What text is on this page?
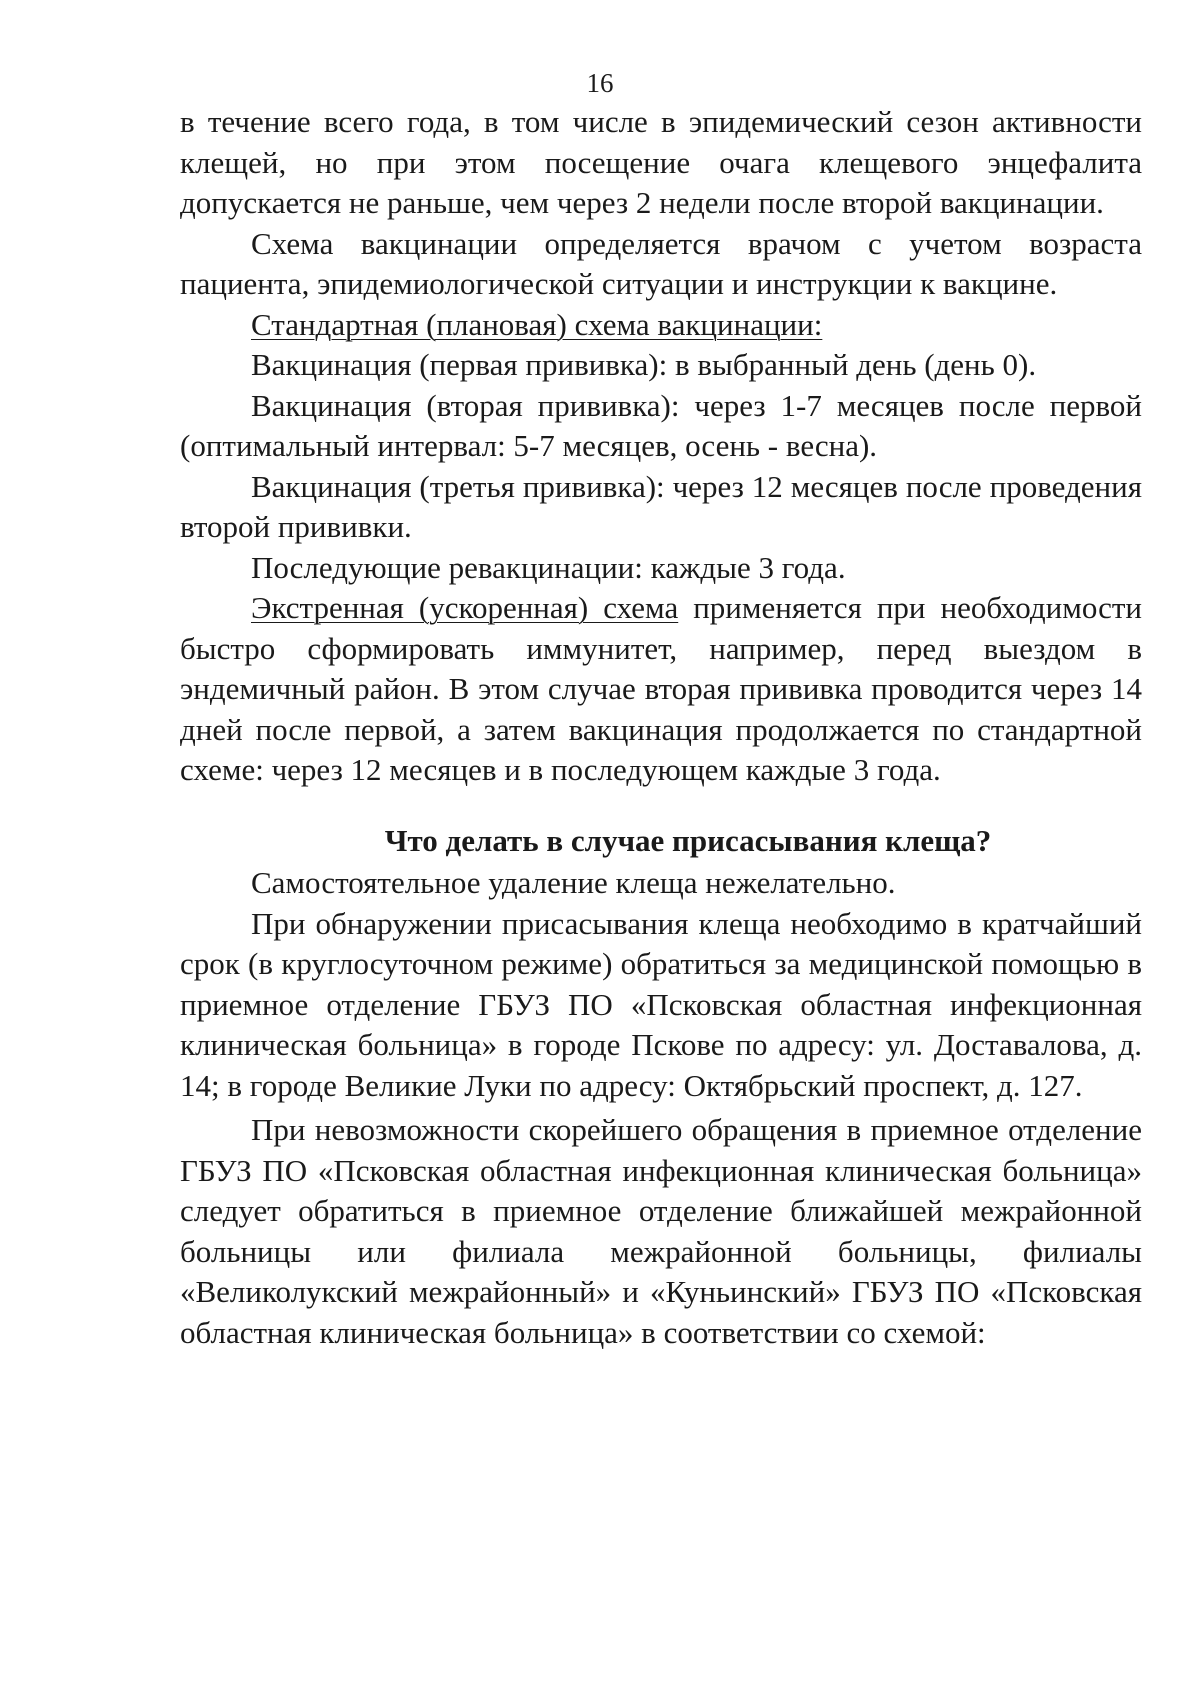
16

в течение всего года, в том числе в эпидемический сезон активности клещей, но при этом посещение очага клещевого энцефалита допускается не раньше, чем через 2 недели после второй вакцинации.

Схема вакцинации определяется врачом с учетом возраста пациента, эпидемиологической ситуации и инструкции к вакцине.

Стандартная (плановая) схема вакцинации:

Вакцинация (первая прививка): в выбранный день (день 0).

Вакцинация (вторая прививка): через 1-7 месяцев после первой (оптимальный интервал: 5-7 месяцев, осень - весна).

Вакцинация (третья прививка): через 12 месяцев после проведения второй прививки.

Последующие ревакцинации: каждые 3 года.

Экстренная (ускоренная) схема применяется при необходимости быстро сформировать иммунитет, например, перед выездом в эндемичный район. В этом случае вторая прививка проводится через 14 дней после первой, а затем вакцинация продолжается по стандартной схеме: через 12 месяцев и в последующем каждые 3 года.

Что делать в случае присасывания клеща?

Самостоятельное удаление клеща нежелательно.

При обнаружении присасывания клеща необходимо в кратчайший срок (в круглосуточном режиме) обратиться за медицинской помощью в приемное отделение ГБУЗ ПО «Псковская областная инфекционная клиническая больница» в городе Пскове по адресу: ул. Доставалова, д. 14; в городе Великие Луки по адресу: Октябрьский проспект, д. 127.

При невозможности скорейшего обращения в приемное отделение ГБУЗ ПО «Псковская областная инфекционная клиническая больница» следует обратиться в приемное отделение ближайшей межрайонной больницы или филиала межрайонной больницы, филиалы «Великолукский межрайонный» и «Куньинский» ГБУЗ ПО «Псковская областная клиническая больница» в соответствии со схемой:
